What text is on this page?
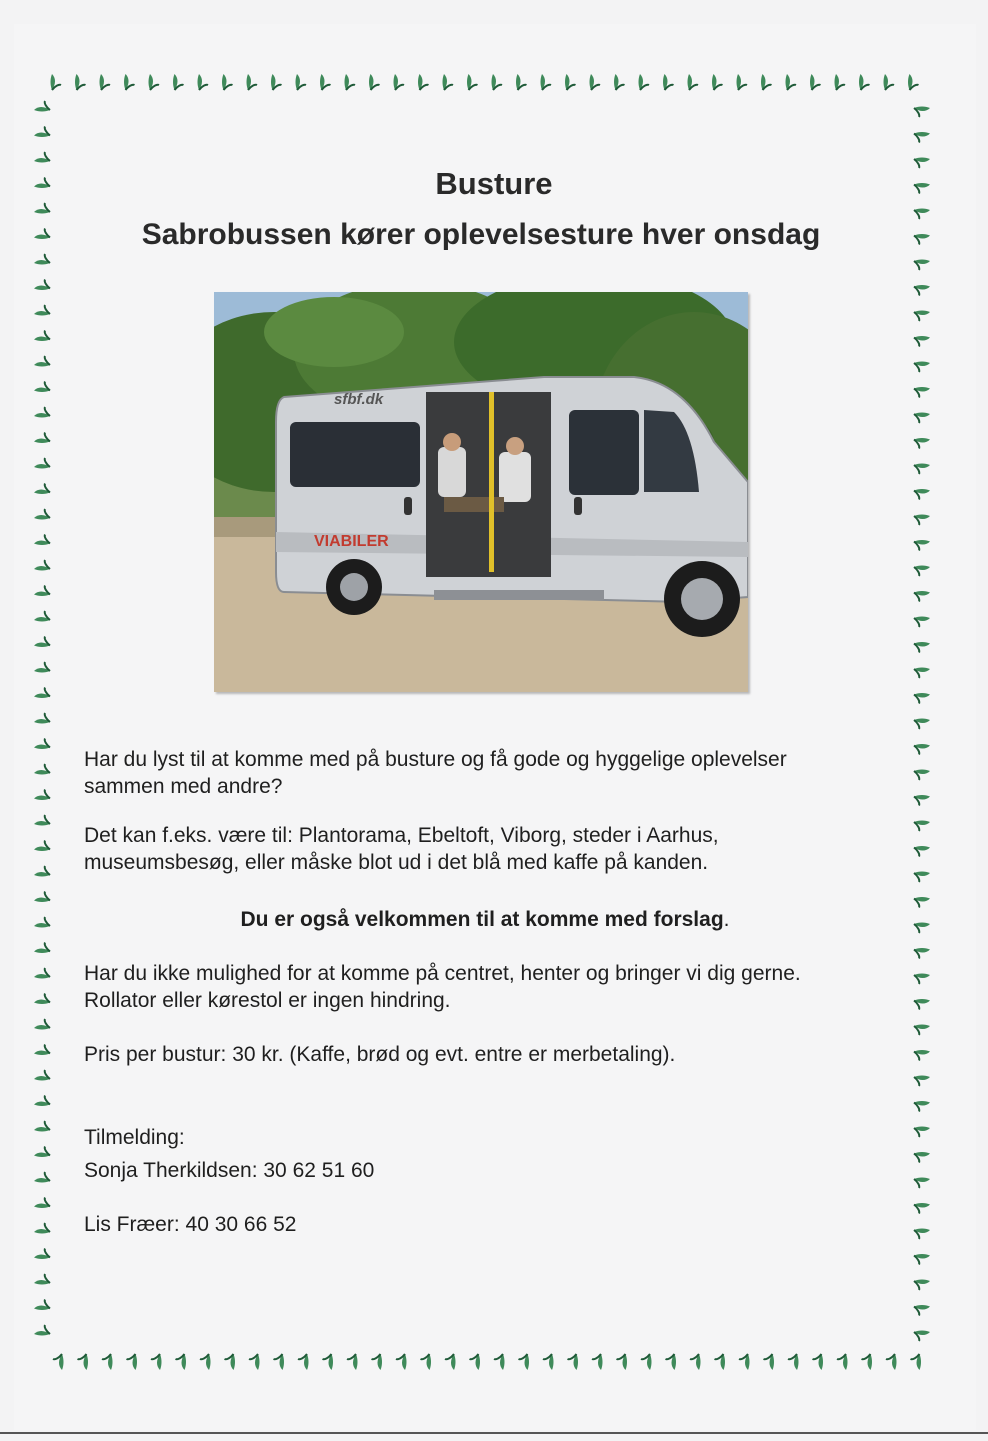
Busture
Sabrobussen kører oplevelsesture hver onsdag
sfbf.dk
VIABILER

Har du lyst til at komme med på busture og få gode og hyggelige oplevelser
sammen med andre?

Det kan f.eks. være til: Plantorama, Ebeltoft, Viborg, steder i Aarhus,
museumsbesøg, eller måske blot ud i det blå med kaffe på kanden.

Du er også velkommen til at komme med forslag.

Har du ikke mulighed for at komme på centret, henter og bringer vi dig gerne.
Rollator eller kørestol er ingen hindring.

Pris per bustur: 30 kr. (Kaffe, brød og evt. entre er merbetaling).

Tilmelding:

Sonja Therkildsen: 30 62 51 60

Lis Fræer: 40 30 66 52
